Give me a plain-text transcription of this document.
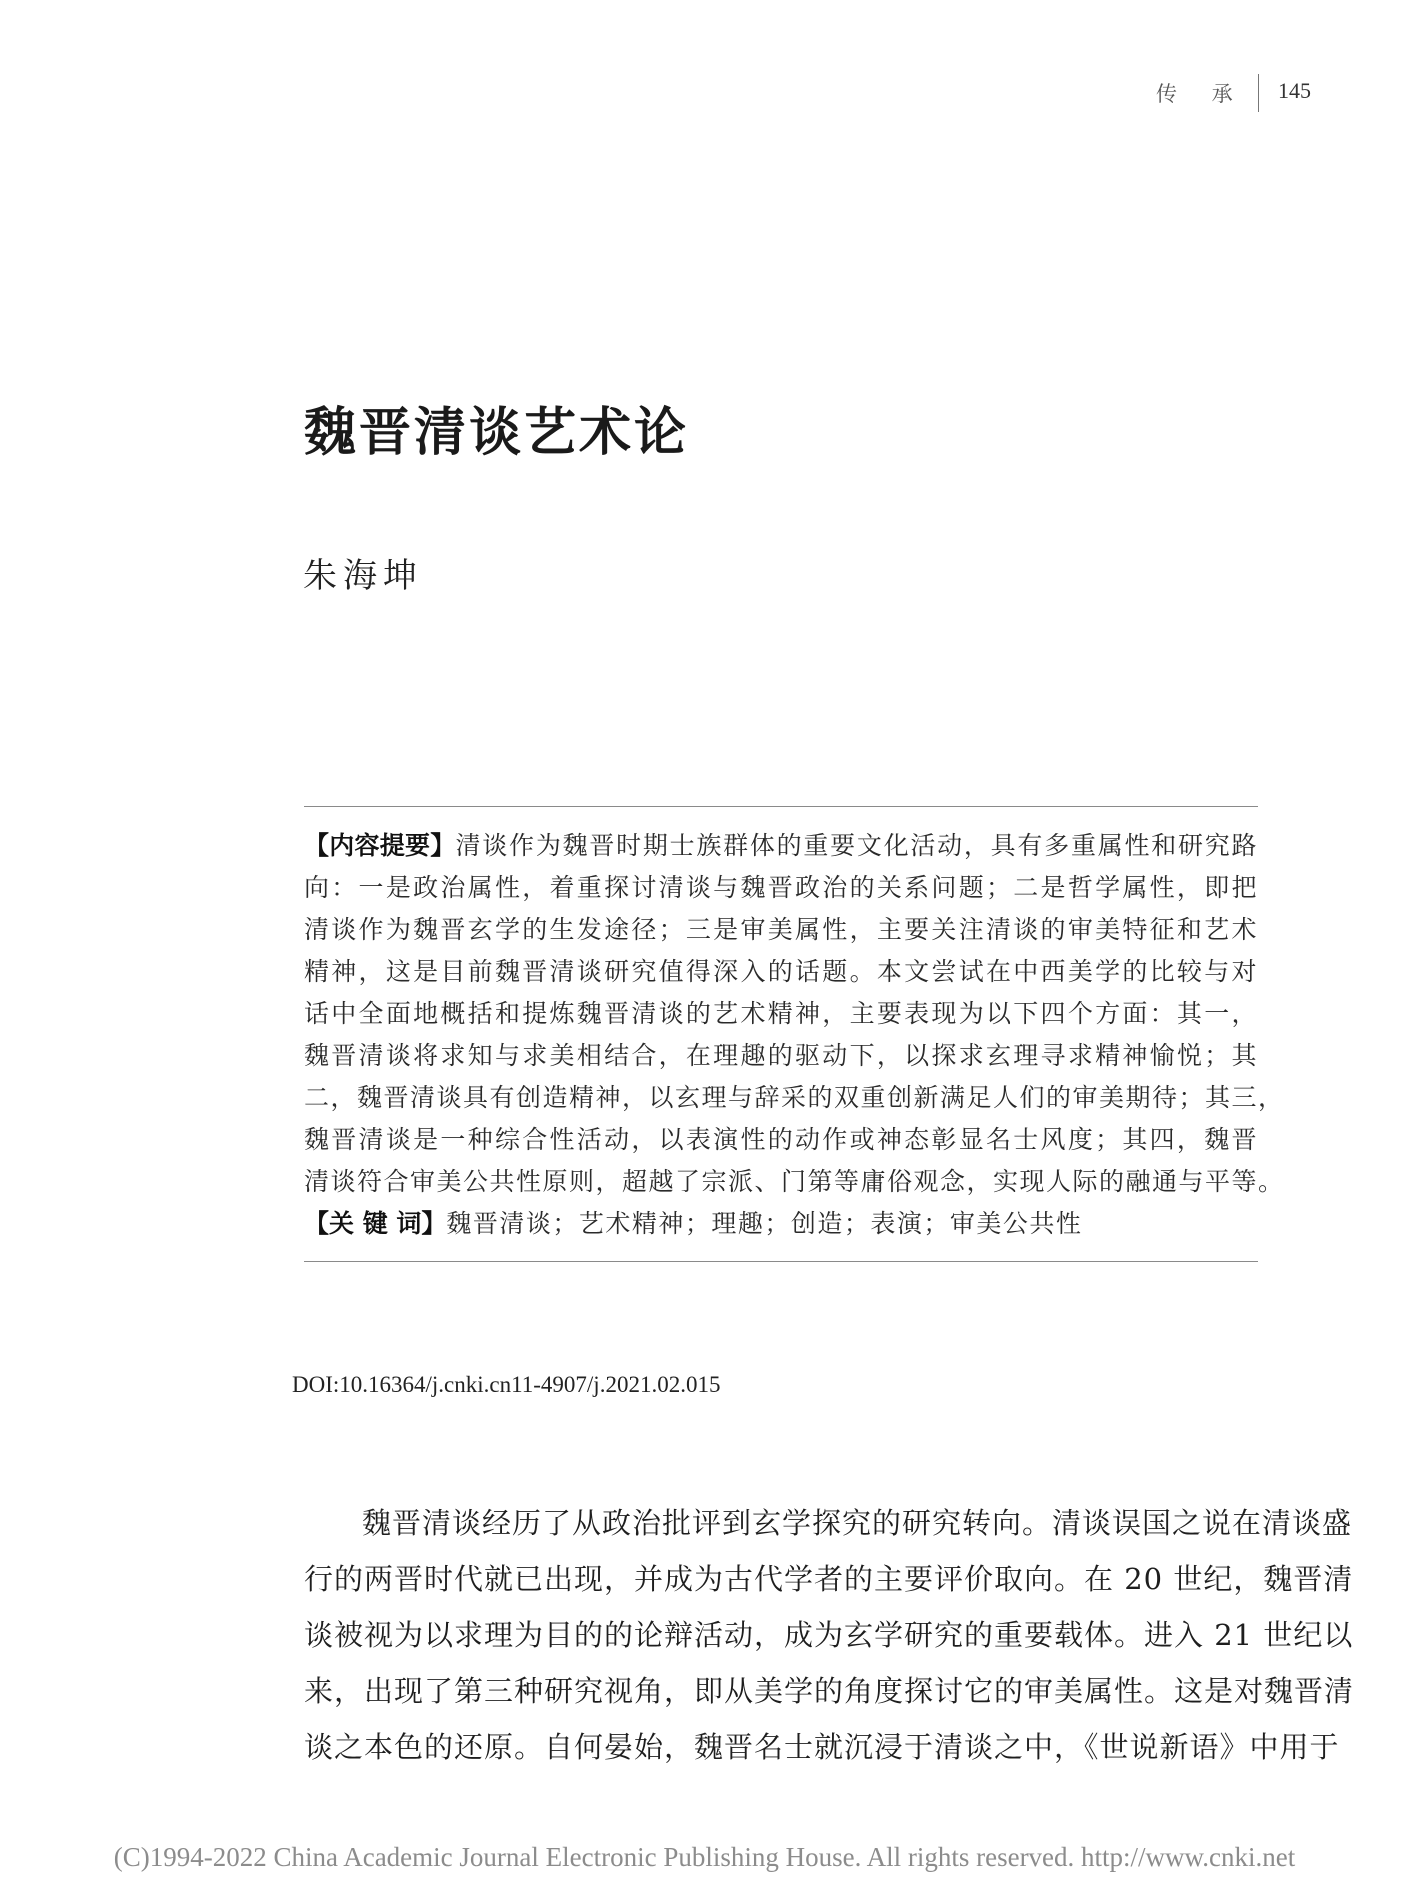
传 承 145
魏晋清谈艺术论
朱海坤
【内容提要】清谈作为魏晋时期士族群体的重要文化活动，具有多重属性和研究路
向：一是政治属性，着重探讨清谈与魏晋政治的关系问题；二是哲学属性，即把
清谈作为魏晋玄学的生发途径；三是审美属性，主要关注清谈的审美特征和艺术
精神，这是目前魏晋清谈研究值得深入的话题。本文尝试在中西美学的比较与对
话中全面地概括和提炼魏晋清谈的艺术精神，主要表现为以下四个方面：其一，
魏晋清谈将求知与求美相结合，在理趣的驱动下，以探求玄理寻求精神愉悦；其
二，魏晋清谈具有创造精神，以玄理与辞采的双重创新满足人们的审美期待；其三，
魏晋清谈是一种综合性活动，以表演性的动作或神态彰显名士风度；其四，魏晋
清谈符合审美公共性原则，超越了宗派、门第等庸俗观念，实现人际的融通与平等。
【关 键 词】魏晋清谈；艺术精神；理趣；创造；表演；审美公共性
DOI:10.16364/j.cnki.cn11-4907/j.2021.02.015
魏晋清谈经历了从政治批评到玄学探究的研究转向。清谈误国之说在清谈盛
行的两晋时代就已出现，并成为古代学者的主要评价取向。在 20 世纪，魏晋清
谈被视为以求理为目的的论辩活动，成为玄学研究的重要载体。进入 21 世纪以
来，出现了第三种研究视角，即从美学的角度探讨它的审美属性。这是对魏晋清
谈之本色的还原。自何晏始，魏晋名士就沉浸于清谈之中，《世说新语》中用于
(C)1994-2022 China Academic Journal Electronic Publishing House. All rights reserved. http://www.cnki.net
